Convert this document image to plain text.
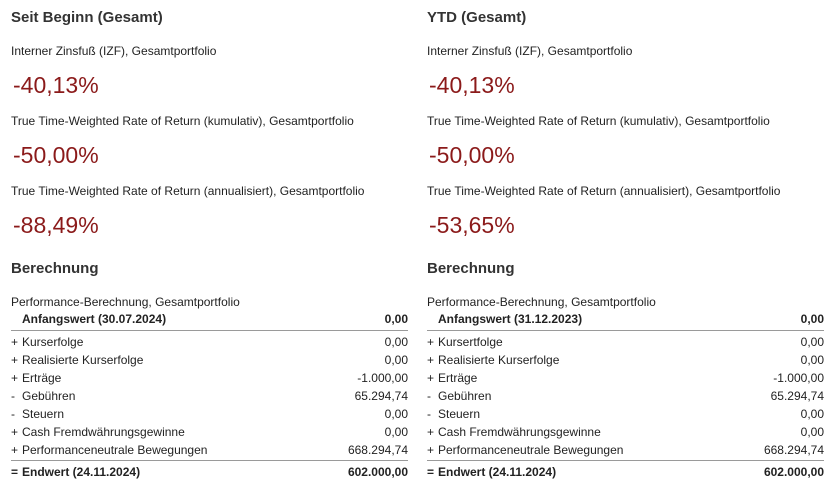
Seit Beginn (Gesamt)
Interner Zinsfuß (IZF), Gesamtportfolio
-40,13%
True Time-Weighted Rate of Return (kumulativ), Gesamtportfolio
-50,00%
True Time-Weighted Rate of Return (annualisiert), Gesamtportfolio
-88,49%
Berechnung
Performance-Berechnung, Gesamtportfolio
Anfangswert (30.07.2024)	0,00
+ Kurserfolge	0,00
+ Realisierte Kurserfolge	0,00
+ Erträge	-1.000,00
- Gebühren	65.294,74
- Steuern	0,00
+ Cash Fremdwährungsgewinne	0,00
+ Performanceneutrale Bewegungen	668.294,74
= Endwert (24.11.2024)	602.000,00
YTD (Gesamt)
Interner Zinsfuß (IZF), Gesamtportfolio
-40,13%
True Time-Weighted Rate of Return (kumulativ), Gesamtportfolio
-50,00%
True Time-Weighted Rate of Return (annualisiert), Gesamtportfolio
-53,65%
Berechnung
Performance-Berechnung, Gesamtportfolio
Anfangswert (31.12.2023)	0,00
+ Kursertfolge	0,00
+ Realisierte Kurserfolge	0,00
+ Erträge	-1.000,00
- Gebühren	65.294,74
- Steuern	0,00
+ Cash Fremdwährungsgewinne	0,00
+ Performanceneutrale Bewegungen	668.294,74
= Endwert (24.11.2024)	602.000,00
